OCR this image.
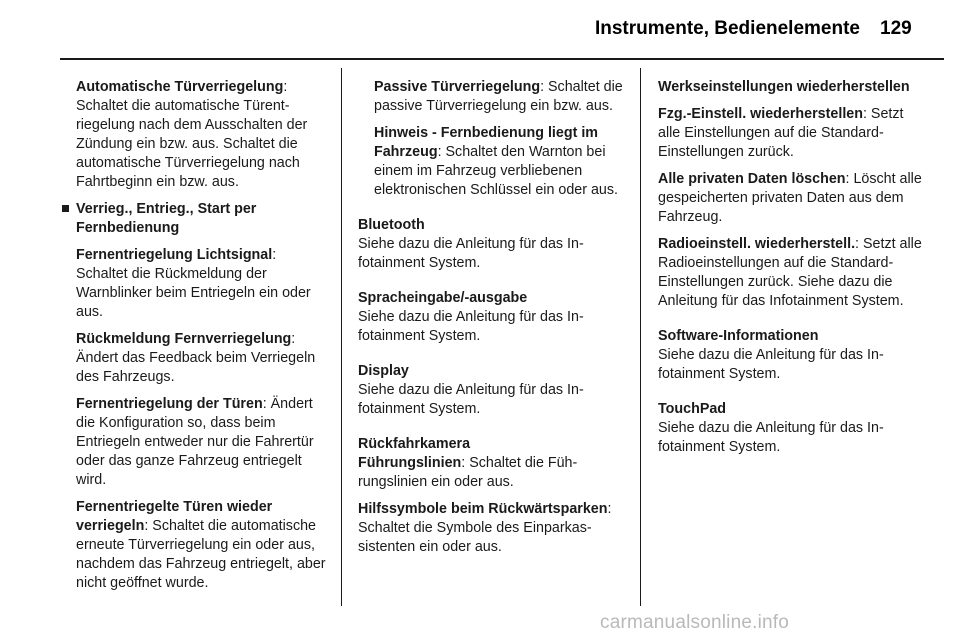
Instrumente, Bedienelemente 129
Automatische Türverriegelung: Schaltet die automatische Türentriegelung nach dem Ausschalten der Zündung ein bzw. aus. Schaltet die automatische Türverriegelung nach Fahrtbeginn ein bzw. aus.
Verrieg., Entrieg., Start per Fernbedienung
Fernentriegelung Lichtsignal: Schaltet die Rückmeldung der Warnblinker beim Entriegeln ein oder aus.
Rückmeldung Fernverriegelung: Ändert das Feedback beim Verriegeln des Fahrzeugs.
Fernentriegelung der Türen: Ändert die Konfiguration so, dass beim Entriegeln entweder nur die Fahrertür oder das ganze Fahrzeug entriegelt wird.
Fernentriegelte Türen wieder verriegeln: Schaltet die automatische erneute Türverriegelung ein oder aus, nachdem das Fahrzeug entriegelt, aber nicht geöffnet wurde.
Passive Türverriegelung: Schaltet die passive Türverriegelung ein bzw. aus.
Hinweis - Fernbedienung liegt im Fahrzeug: Schaltet den Warnton bei einem im Fahrzeug verbliebenen elektronischen Schlüssel ein oder aus.
Bluetooth
Siehe dazu die Anleitung für das Infotainment System.
Spracheingabe/-ausgabe
Siehe dazu die Anleitung für das Infotainment System.
Display
Siehe dazu die Anleitung für das Infotainment System.
Rückfahrkamera
Führungslinien: Schaltet die Führungslinien ein oder aus.
Hilfssymbole beim Rückwärtsparken: Schaltet die Symbole des Einparkassistenten ein oder aus.
Werkseinstellungen wiederherstellen
Fzg.-Einstell. wiederherstellen: Setzt alle Einstellungen auf die Standard-Einstellungen zurück.
Alle privaten Daten löschen: Löscht alle gespeicherten privaten Daten aus dem Fahrzeug.
Radioeinstell. wiederherstell.: Setzt alle Radioeinstellungen auf die Standard-Einstellungen zurück. Siehe dazu die Anleitung für das Infotainment System.
Software-Informationen
Siehe dazu die Anleitung für das Infotainment System.
TouchPad
Siehe dazu die Anleitung für das Infotainment System.
carmanualsonline.info
